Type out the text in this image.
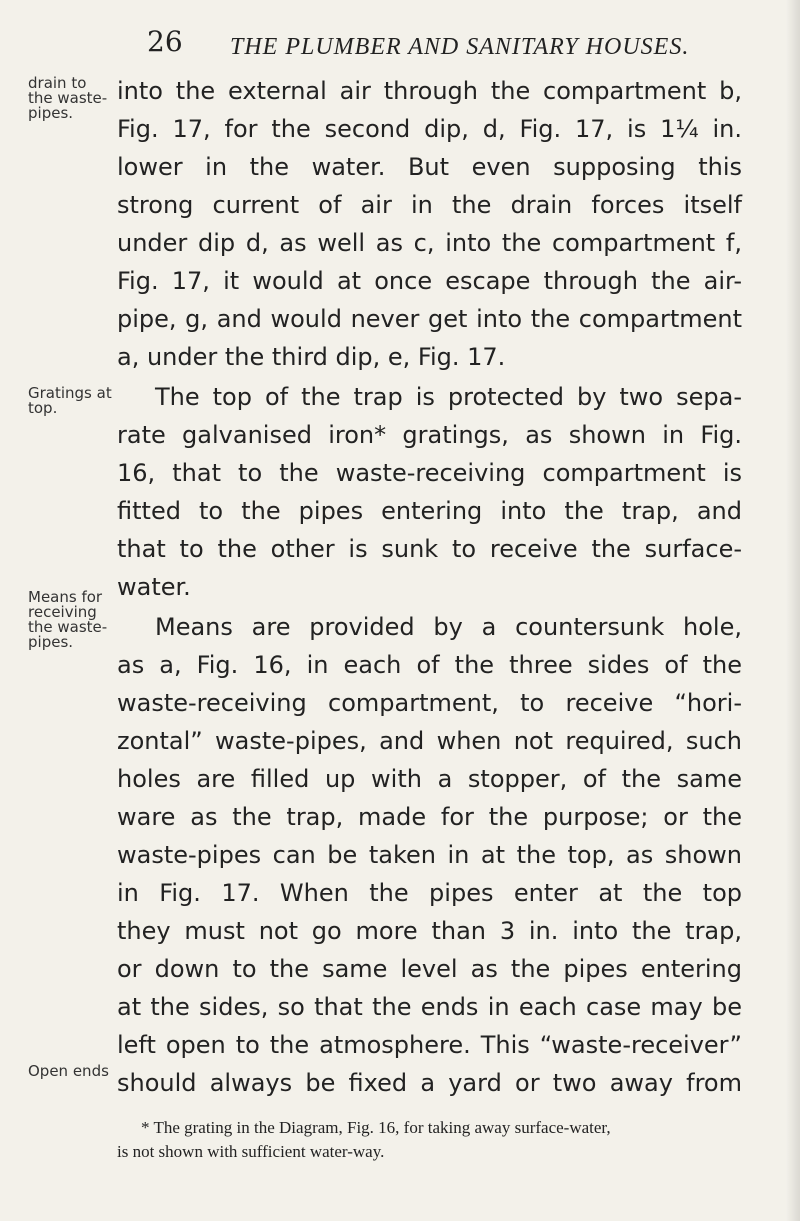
26 THE PLUMBER AND SANITARY HOUSES.
drain to
the waste-
pipes.
Gratings at
top.
Means for
receiving
the waste-
pipes.
Open ends
into the external air through the compartment b,
Fig. 17, for the second dip, d, Fig. 17, is 1¼ in.
lower in the water. But even supposing this
strong current of air in the drain forces itself
under dip d, as well as c, into the compartment f,
Fig. 17, it would at once escape through the air-
pipe, g, and would never get into the compartment
a, under the third dip, e, Fig. 17.
The top of the trap is protected by two sepa-
rate galvanised iron* gratings, as shown in Fig.
16, that to the waste-receiving compartment is
fitted to the pipes entering into the trap, and
that to the other is sunk to receive the surface-
water.
Means are provided by a countersunk hole,
as a, Fig. 16, in each of the three sides of the
waste-receiving compartment, to receive “hori-
zontal” waste-pipes, and when not required, such
holes are filled up with a stopper, of the same
ware as the trap, made for the purpose; or the
waste-pipes can be taken in at the top, as shown
in Fig. 17. When the pipes enter at the top
they must not go more than 3 in. into the trap,
or down to the same level as the pipes entering
at the sides, so that the ends in each case may be
left open to the atmosphere. This “waste-receiver”
should always be fixed a yard or two away from
* The grating in the Diagram, Fig. 16, for taking away surface-water,
is not shown with sufficient water-way.
